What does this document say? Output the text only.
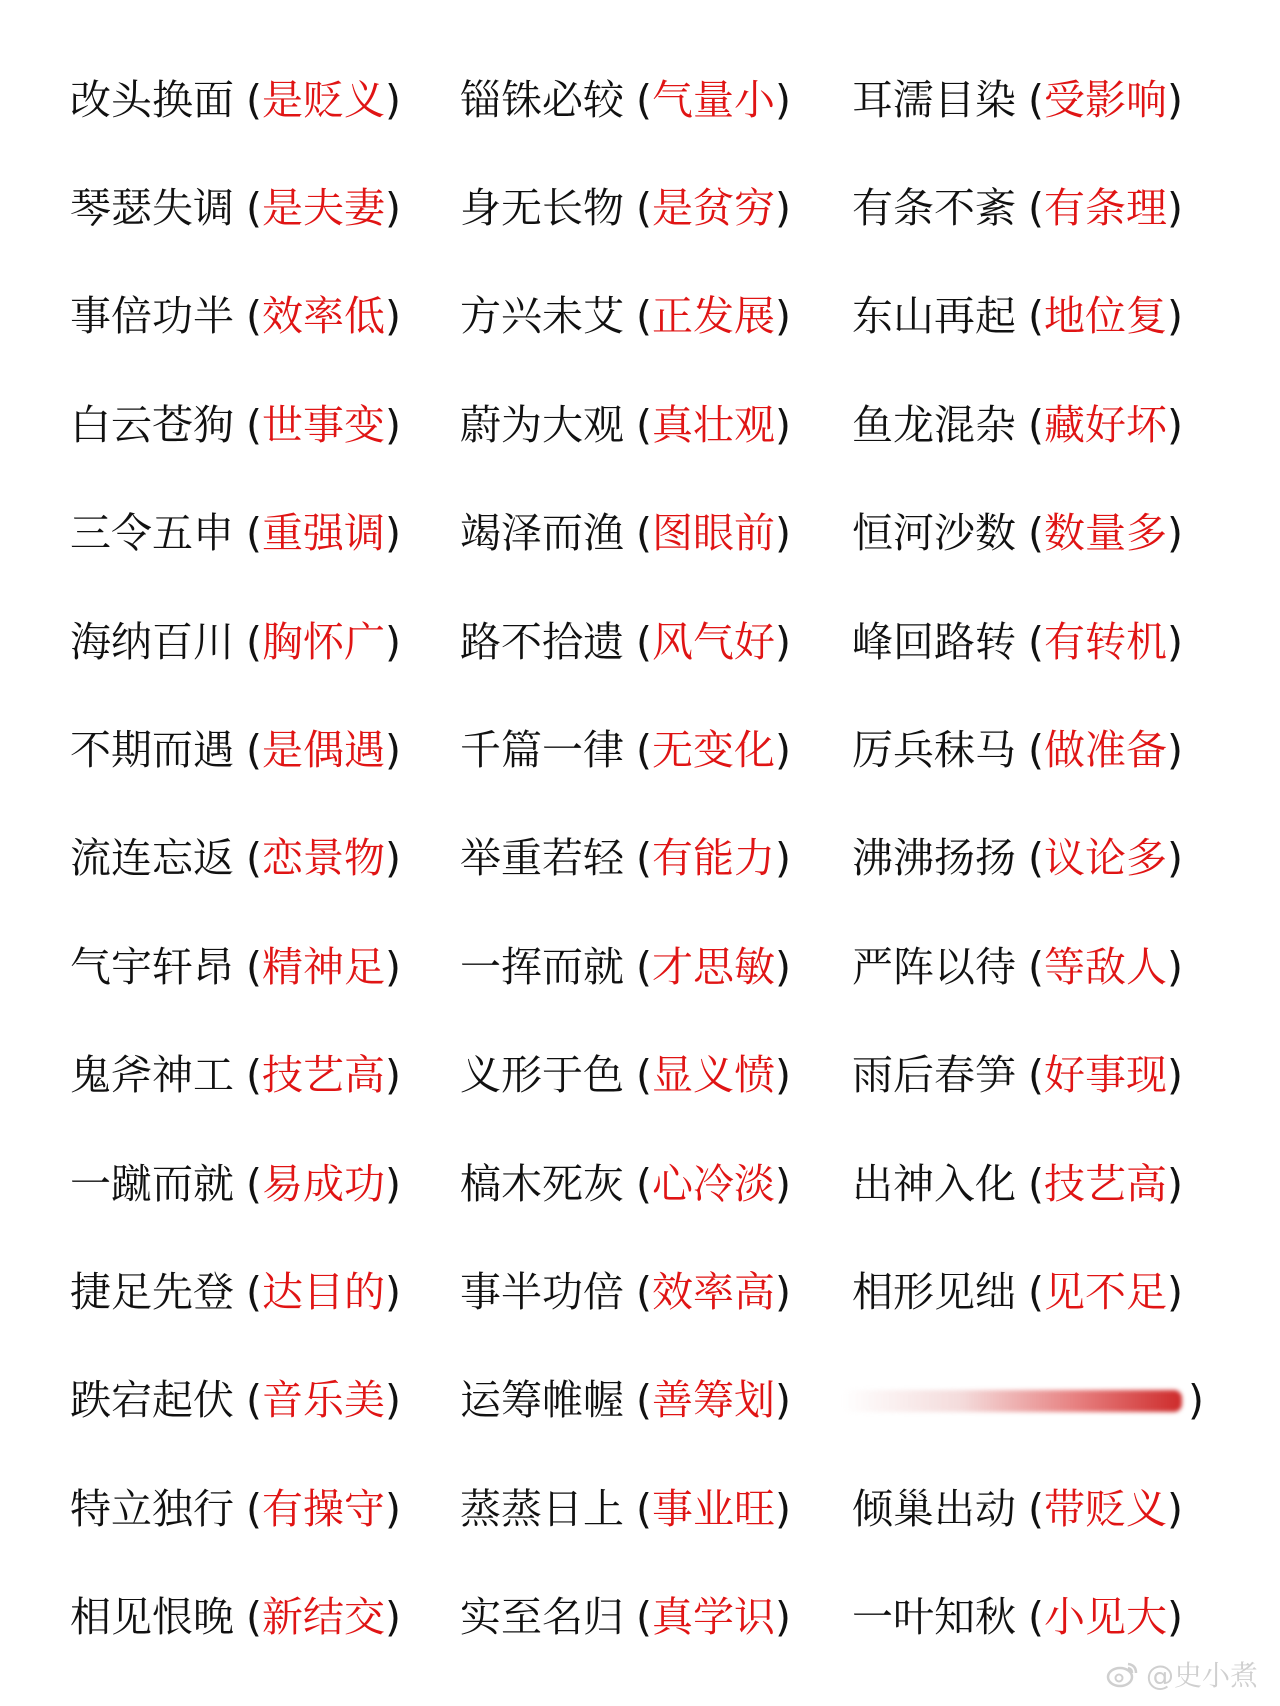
改头换面 ( 是贬义 ) 锱铢必较 ( 气量小 ) 耳濡目染 ( 受影响 )
琴瑟失调 ( 是夫妻 ) 身无长物 ( 是贫穷 ) 有条不紊 ( 有条理 )
事倍功半 ( 效率低 ) 方兴未艾 ( 正发展 ) 东山再起 ( 地位复 )
白云苍狗 ( 世事变 ) 蔚为大观 ( 真壮观 ) 鱼龙混杂 ( 藏好坏 )
三令五申 ( 重强调 ) 竭泽而渔 ( 图眼前 ) 恒河沙数 ( 数量多 )
海纳百川 ( 胸怀广 ) 路不拾遗 ( 风气好 ) 峰回路转 ( 有转机 )
不期而遇 ( 是偶遇 ) 千篇一律 ( 无变化 ) 厉兵秣马 ( 做准备 )
流连忘返 ( 恋景物 ) 举重若轻 ( 有能力 ) 沸沸扬扬 ( 议论多 )
气宇轩昂 ( 精神足 ) 一挥而就 ( 才思敏 ) 严阵以待 ( 等敌人 )
鬼斧神工 ( 技艺高 ) 义形于色 ( 显义愤 ) 雨后春笋 ( 好事现 )
一蹴而就 ( 易成功 ) 槁木死灰 ( 心冷淡 ) 出神入化 ( 技艺高 )
捷足先登 ( 达目的 ) 事半功倍 ( 效率高 ) 相形见绌 ( 见不足 )
跌宕起伏 ( 音乐美 ) 运筹帷幄 ( 善筹划 )	)
特立独行 ( 有操守 ) 蒸蒸日上 ( 事业旺 ) 倾巢出动 ( 带贬义 )
相见恨晚 ( 新结交 ) 实至名归 ( 真学识 ) 一叶知秋 ( 小见大 )
@史小煮
